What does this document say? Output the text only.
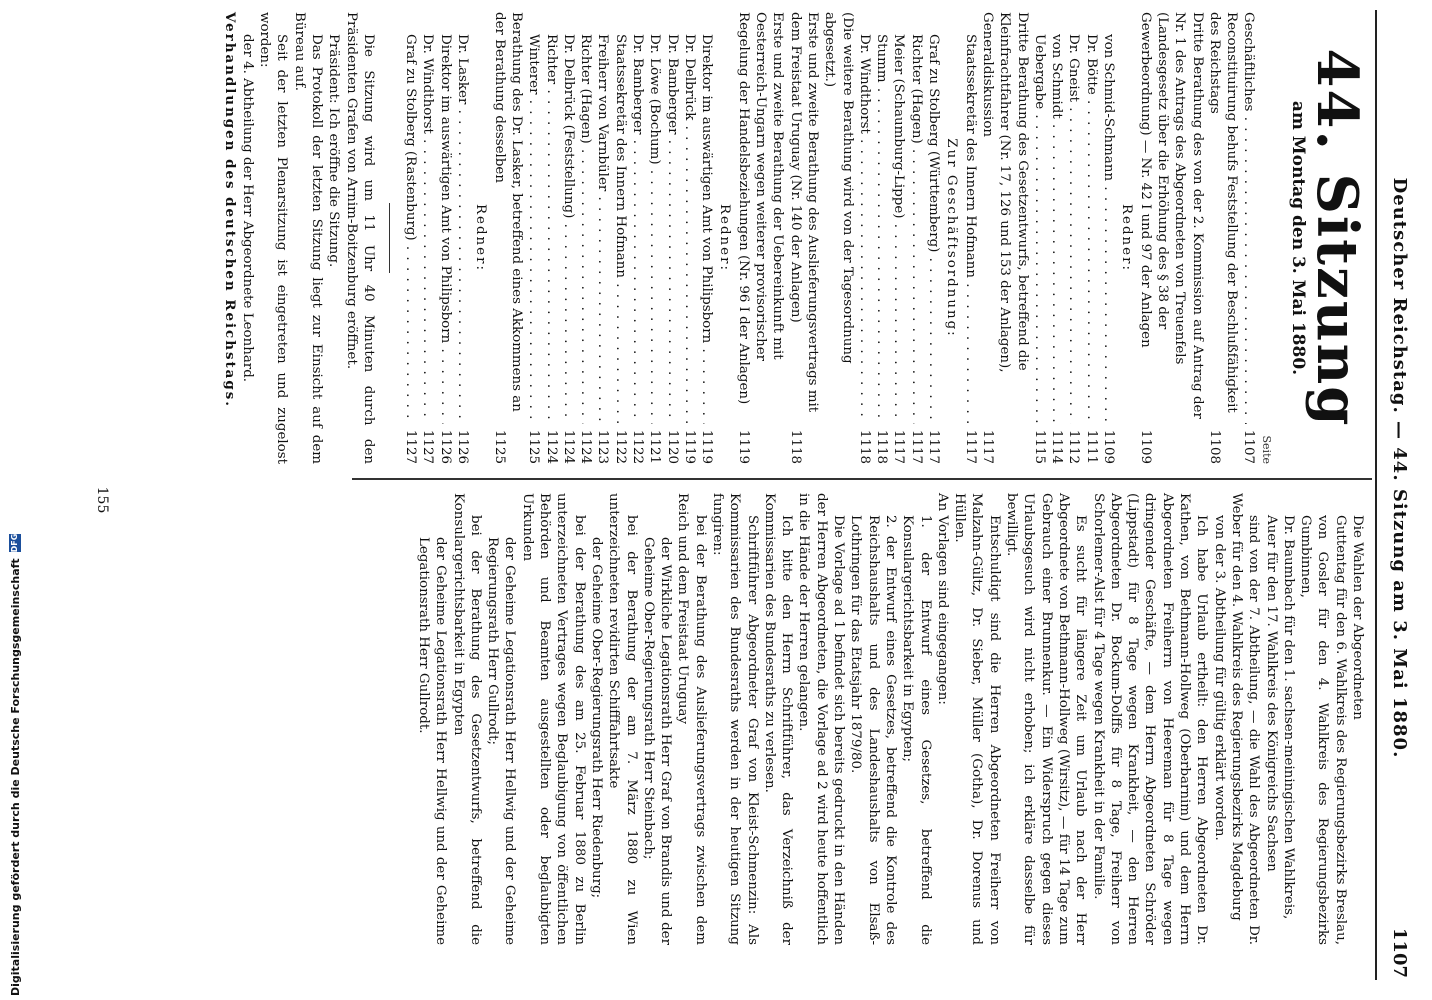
Deutscher Reichstag. — 44. Sitzung am 3. Mai 1880.
1107
44. Sitzung
am Montag den 3. Mai 1880.
Seite
Geschäftliches . . .
1107
Reconstituirung behufs Feststellung der Beschlußfähigkeit des Reichstags
1108
Dritte Berathung des von der 2. Kommission auf Antrag der Nr. 1 des Antrags des Abgeordneten von Treuenfels (Landesgesetz über die Erhöhung des § 38 der Gewerbeordnung) — Nr. 42 I und 97 der Anlagen
1109
Redner:
von Schmid-Schmann . . .
1109
Dr. Bötte . . .
1111
Dr. Gneist . . .
1112
von Schmidt . . .
1114
Uebergabe . . .
1115
Dritte Berathung des Gesetzentwurfs, betreffend die Kleinfrachtfahrer (Nr. 17, 126 und 153 der Anlagen), Generaldiskussion
1117
Staatssekretär des Innern Hofmann . . .
1117
Zur Geschäftsordnung:
Graf zu Stolberg (Württemberg) . . .
1117
Richter (Hagen) . . .
1117
Meier (Schaumburg-Lippe) . . .
1117
Stumm . . .
1118
Dr. Windthorst . . .
1118
(Die weitere Berathung wird von der Tagesordnung abgesetzt.)
Erste und zweite Berathung des Auslieferungsvertrags mit dem Freistaat Uruguay (Nr. 140 der Anlagen)
1118
Erste und zweite Berathung der Uebereinkunft mit Oesterreich-Ungarn wegen weiterer provisorischer Regelung der Handelsbeziehungen (Nr. 96 I der Anlagen)
1119
Redner:
Direktor im auswärtigen Amt von Philipsborn . . .
1119
Dr. Delbrück . . .
1119
Dr. Bamberger . . .
1120
Dr. Löwe (Bochum) . . .
1121
Dr. Bamberger . . .
1122
Staatssekretär des Innern Hofmann . . .
1122
Freiherr von Varnbüler . . .
1123
Richter (Hagen) . . .
1124
Dr. Delbrück (Feststellung) . . .
1124
Richter . . .
1124
Winterer . . .
1125
Berathung des Dr. Lasker, betreffend eines Akkommens an der Berathung desselben
1125
Redner:
Dr. Lasker . . .
1126
Direktor im auswärtigen Amt von Philipsborn . . .
1126
Dr. Windthorst . . .
1127
Graf zu Stolberg (Rastenburg) . . .
1127

Die Sitzung wird um 11 Uhr 40 Minuten durch den Präsidenten Grafen von Arnim-Boitzenburg eröffnet.

Präsident: Ich eröffne die Sitzung.

Das Protokoll der letzten Sitzung liegt zur Einsicht auf dem Büreau auf.

Seit der letzten Plenarsitzung ist eingetreten und zugelost worden:

der 4. Abtheilung der Herr Abgeordnete Leonhard.

Verhandlungen des deutschen Reichstags.

Die Wahlen der Abgeordneten

Guttentag für den 6. Wahlkreis des Regierungsbezirks Breslau,

von Gosler für den 4. Wahlkreis des Regierungsbezirks Gumbinnen,

Dr. Baumbach für den 1. sachsen-meiningischen Wahlkreis,

Auer für den 17. Wahlkreis des Königreichs Sachsen

sind von der 7. Abtheilung, — die Wahl des Abgeordneten Dr. Weber für den 4. Wahlkreis des Regierungsbezirks Magdeburg

von der 3. Abtheilung für gültig erklärt worden.

Ich habe Urlaub ertheilt: den Herren Abgeordneten Dr. Kathen, von Bethmann-Hollweg (Oberbarnim) und dem Herrn Abgeordneten Freiherrn von Heereman für 8 Tage wegen dringender Geschäfte, — dem Herrn Abgeordneten Schröder (Lippstadt) für 8 Tage wegen Krankheit, — den Herren Abgeordneten Dr. Bockum-Dolffs für 8 Tage, Freiherr von Schorlemer-Alst für 4 Tage wegen Krankheit in der Familie.

Es sucht für längere Zeit um Urlaub nach der Herr Abgeordnete von Bethmann-Hollweg (Wirsitz), — für 14 Tage zum Gebrauch einer Brunnenkur. — Ein Widerspruch gegen dieses Urlaubsgesuch wird nicht erhoben; ich erkläre dasselbe für bewilligt.

Entschuldigt sind die Herren Abgeordneten Freiherr von Malzahn-Gültz, Dr. Sieber, Müller (Gotha), Dr. Dorenus und Hüllen.

An Vorlagen sind eingegangen:

1. der Entwurf eines Gesetzes, betreffend die Konsulargerichtsbarkeit in Egypten;

2. der Entwurf eines Gesetzes, betreffend die Kontrole des Reichshaushalts und des Landeshaushalts von Elsaß-Lothringen für das Etatsjahr 1879/80.

Die Vorlage ad 1 befindet sich bereits gedruckt in den Händen der Herren Abgeordneten, die Vorlage ad 2 wird heute hoffentlich in die Hände der Herren gelangen.

Ich bitte den Herrn Schriftführer, das Verzeichniß der Kommissarien des Bundesraths zu verlesen.

Schriftführer Abgeordneter Graf von Kleist-Schmenzin: Als Kommissarien des Bundesraths werden in der heutigen Sitzung fungiren:

bei der Berathung des Auslieferungsvertrags zwischen dem Reich und dem Freistaat Uruguay

der Wirkliche Legationsrath Herr Graf von Brandis und der Geheime Ober-Regierungsrath Herr Steinbach;

bei der Berathung der am 7. März 1880 zu Wien unterzeichneten revidirten Schifffahrtsakte

der Geheime Ober-Regierungsrath Herr Riedenburg;

bei der Berathung des am 25. Februar 1880 zu Berlin unterzeichneten Vertrages wegen Beglaubigung von öffentlichen Behörden und Beamten ausgestellten oder beglaubigten Urkunden

der Geheime Legationsrath Herr Hellwig und der Geheime Regierungsrath Herr Gullrodt;

bei der Berathung des Gesetzentwurfs, betreffend die Konsulargerichtsbarkeit in Egypten

der Geheime Legationsrath Herr Hellwig und der Geheime Legationsrath Herr Gullrodt.

155
Digitalisierung gefördert durch die Deutsche Forschungsgemeinschaft
DFG
